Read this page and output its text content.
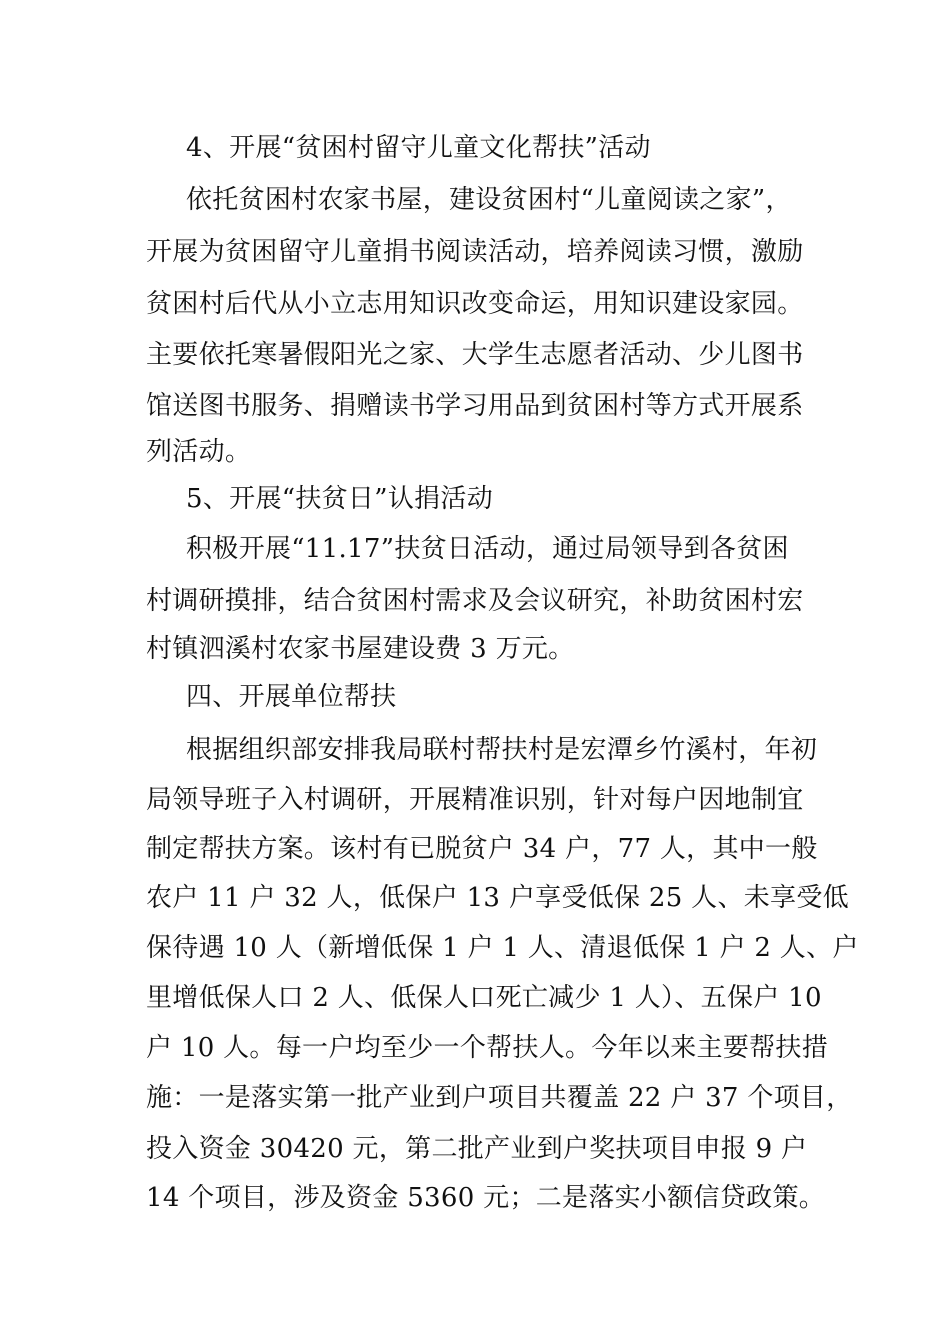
4、开展“贫困村留守儿童文化帮扶”活动
依托贫困村农家书屋，建设贫困村“儿童阅读之家”，
开展为贫困留守儿童捐书阅读活动，培养阅读习惯，激励
贫困村后代从小立志用知识改变命运，用知识建设家园。
主要依托寒暑假阳光之家、大学生志愿者活动、少儿图书
馆送图书服务、捐赠读书学习用品到贫困村等方式开展系
列活动。
5、开展“扶贫日”认捐活动
积极开展“11.17”扶贫日活动，通过局领导到各贫困
村调研摸排，结合贫困村需求及会议研究，补助贫困村宏
村镇泗溪村农家书屋建设费 3 万元。
四、开展单位帮扶
根据组织部安排我局联村帮扶村是宏潭乡竹溪村，年初
局领导班子入村调研，开展精准识别，针对每户因地制宜
制定帮扶方案。该村有已脱贫户 34 户，77 人，其中一般
农户 11 户 32 人，低保户 13 户享受低保 25 人、未享受低
保待遇 10 人（新增低保 1 户 1 人、清退低保 1 户 2 人、户
里增低保人口 2 人、低保人口死亡减少 1 人）、五保户 10
户 10 人。每一户均至少一个帮扶人。今年以来主要帮扶措
施：一是落实第一批产业到户项目共覆盖 22 户 37 个项目，
投入资金 30420 元，第二批产业到户奖扶项目申报 9 户
14 个项目，涉及资金 5360 元；二是落实小额信贷政策。
